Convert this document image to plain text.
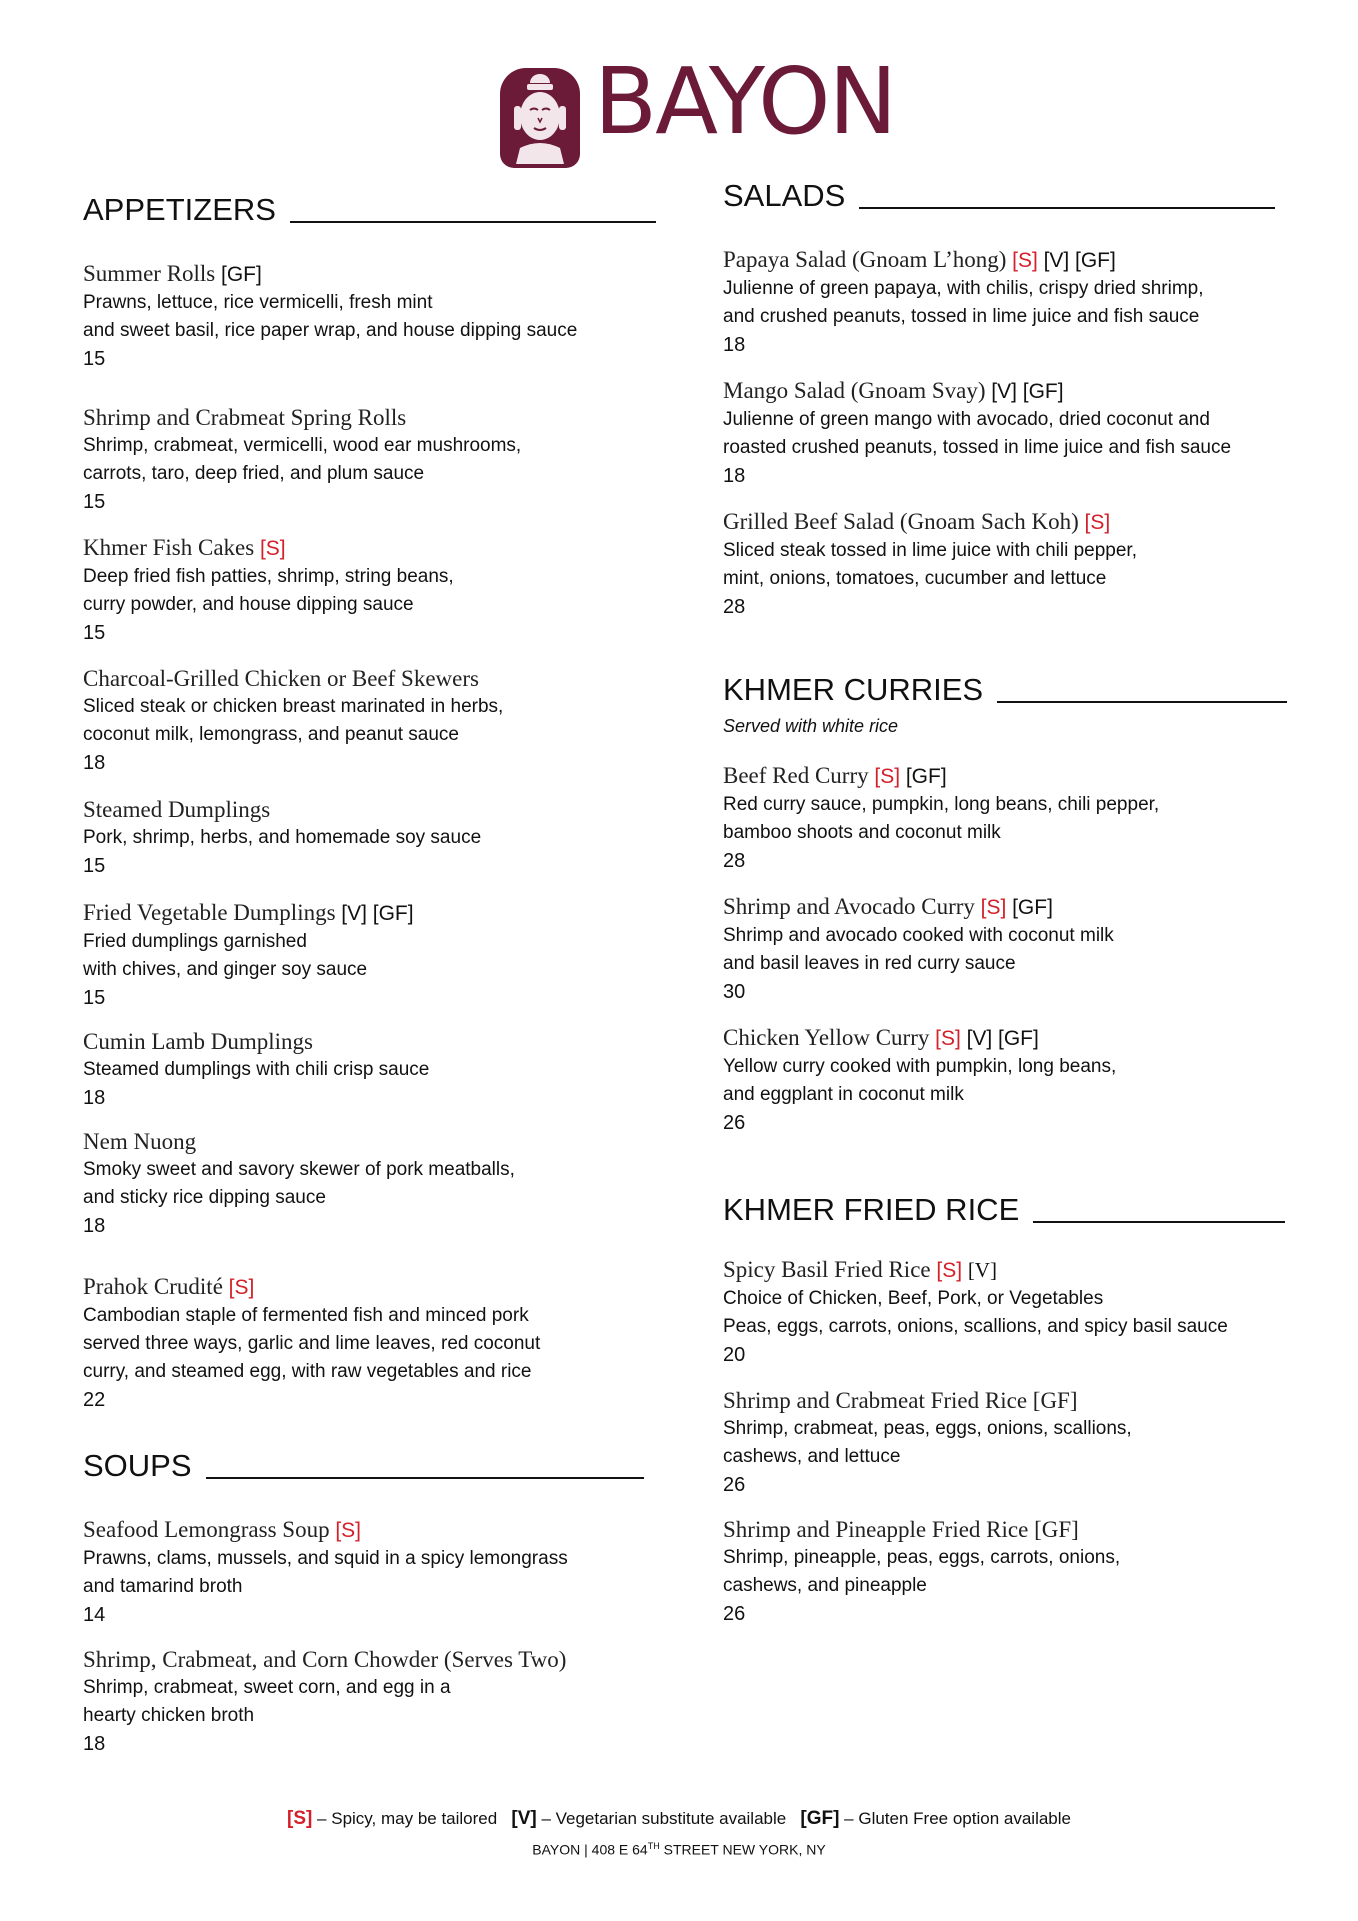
BAYON
APPETIZERS
Summer Rolls [GF]
Prawns, lettuce, rice vermicelli, fresh mint
and sweet basil, rice paper wrap, and house dipping sauce
15
Shrimp and Crabmeat Spring Rolls
Shrimp, crabmeat, vermicelli, wood ear mushrooms,
carrots, taro, deep fried, and plum sauce
15
Khmer Fish Cakes [S]
Deep fried fish patties, shrimp, string beans,
curry powder, and house dipping sauce
15
Charcoal-Grilled Chicken or Beef Skewers
Sliced steak or chicken breast marinated in herbs,
coconut milk, lemongrass, and peanut sauce
18
Steamed Dumplings
Pork, shrimp, herbs, and homemade soy sauce
15
Fried Vegetable Dumplings [V] [GF]
Fried dumplings garnished
with chives, and ginger soy sauce
15
Cumin Lamb Dumplings
Steamed dumplings with chili crisp sauce
18
Nem Nuong
Smoky sweet and savory skewer of pork meatballs,
and sticky rice dipping sauce
18
Prahok Crudité [S]
Cambodian staple of fermented fish and minced pork
served three ways, garlic and lime leaves, red coconut
curry, and steamed egg, with raw vegetables and rice
22
SOUPS
Seafood Lemongrass Soup [S]
Prawns, clams, mussels, and squid in a spicy lemongrass
and tamarind broth
14
Shrimp, Crabmeat, and Corn Chowder (Serves Two)
Shrimp, crabmeat, sweet corn, and egg in a
hearty chicken broth
18
SALADS
Papaya Salad (Gnoam L’hong) [S] [V] [GF]
Julienne of green papaya, with chilis, crispy dried shrimp,
and crushed peanuts, tossed in lime juice and fish sauce
18
Mango Salad (Gnoam Svay) [V] [GF]
Julienne of green mango with avocado, dried coconut and
roasted crushed peanuts, tossed in lime juice and fish sauce
18
Grilled Beef Salad (Gnoam Sach Koh) [S]
Sliced steak tossed in lime juice with chili pepper,
mint, onions, tomatoes, cucumber and lettuce
28
KHMER CURRIES
Served with white rice
Beef Red Curry [S] [GF]
Red curry sauce, pumpkin, long beans, chili pepper,
bamboo shoots and coconut milk
28
Shrimp and Avocado Curry [S] [GF]
Shrimp and avocado cooked with coconut milk
and basil leaves in red curry sauce
30
Chicken Yellow Curry [S] [V] [GF]
Yellow curry cooked with pumpkin, long beans,
and eggplant in coconut milk
26
KHMER FRIED RICE
Spicy Basil Fried Rice [S] [V]
Choice of Chicken, Beef, Pork, or Vegetables
Peas, eggs, carrots, onions, scallions, and spicy basil sauce
20
Shrimp and Crabmeat Fried Rice [GF]
Shrimp, crabmeat, peas, eggs, onions, scallions,
cashews, and lettuce
26
Shrimp and Pineapple Fried Rice [GF]
Shrimp, pineapple, peas, eggs, carrots, onions,
cashews, and pineapple
26
[S] – Spicy, may be tailored [V] – Vegetarian substitute available [GF] – Gluten Free option available
BAYON | 408 E 64TH STREET NEW YORK, NY
